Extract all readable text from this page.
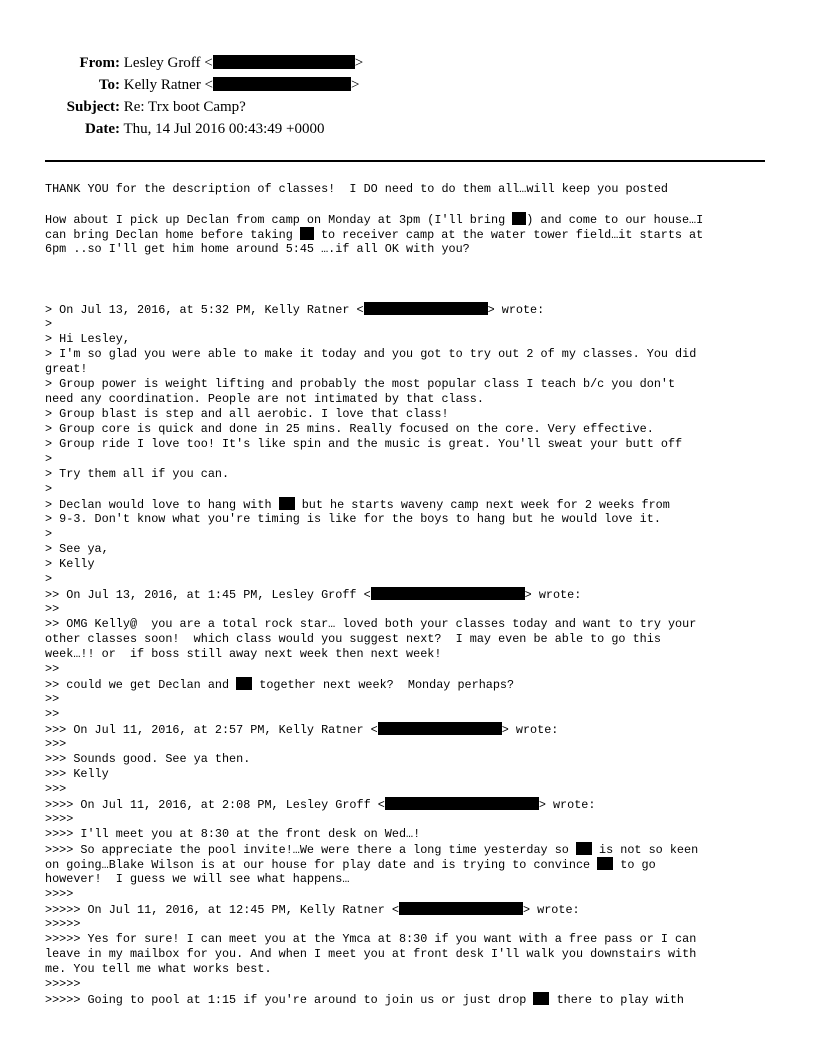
From: Lesley Groff <	>
To: Kelly Ratner <	>
Subject: Re: Trx boot Camp?
Date: Thu, 14 Jul 2016 00:43:49 +0000
THANK YOU for the description of classes!  I DO need to do them all…will keep you posted
How about I pick up Declan from camp on Monday at 3pm (I'll bring ) and come to our house…I
can bring Declan home before taking  to receiver camp at the water tower field…it starts at
6pm ..so I'll get him home around 5:45 ….if all OK with you?
> On Jul 13, 2016, at 5:32 PM, Kelly Ratner <	> wrote:
>
> Hi Lesley,
> I'm so glad you were able to make it today and you got to try out 2 of my classes. You did
great!
> Group power is weight lifting and probably the most popular class I teach b/c you don't
need any coordination. People are not intimated by that class.
> Group blast is step and all aerobic. I love that class!
> Group core is quick and done in 25 mins. Really focused on the core. Very effective.
> Group ride I love too! It's like spin and the music is great. You'll sweat your butt off
>
> Try them all if you can.
>
> Declan would love to hang with  but he starts waveny camp next week for 2 weeks from
> 9-3. Don't know what you're timing is like for the boys to hang but he would love it.
>
> See ya,
> Kelly
>
>> On Jul 13, 2016, at 1:45 PM, Lesley Groff <	> wrote:
>>
>> OMG Kelly@  you are a total rock star… loved both your classes today and want to try your
other classes soon!  which class would you suggest next?  I may even be able to go this
week…!! or  if boss still away next week then next week!
>>
>> could we get Declan and  together next week?  Monday perhaps?
>>
>>
>>> On Jul 11, 2016, at 2:57 PM, Kelly Ratner <	> wrote:
>>>
>>> Sounds good. See ya then.
>>> Kelly
>>>
>>>> On Jul 11, 2016, at 2:08 PM, Lesley Groff <	> wrote:
>>>>
>>>> I'll meet you at 8:30 at the front desk on Wed…!
>>>> So appreciate the pool invite!…We were there a long time yesterday so  is not so keen
on going…Blake Wilson is at our house for play date and is trying to convince  to go
however!  I guess we will see what happens…
>>>>
>>>>> On Jul 11, 2016, at 12:45 PM, Kelly Ratner <	> wrote:
>>>>>
>>>>> Yes for sure! I can meet you at the Ymca at 8:30 if you want with a free pass or I can
leave in my mailbox for you. And when I meet you at front desk I'll walk you downstairs with
me. You tell me what works best.
>>>>>
>>>>> Going to pool at 1:15 if you're around to join us or just drop  there to play with
